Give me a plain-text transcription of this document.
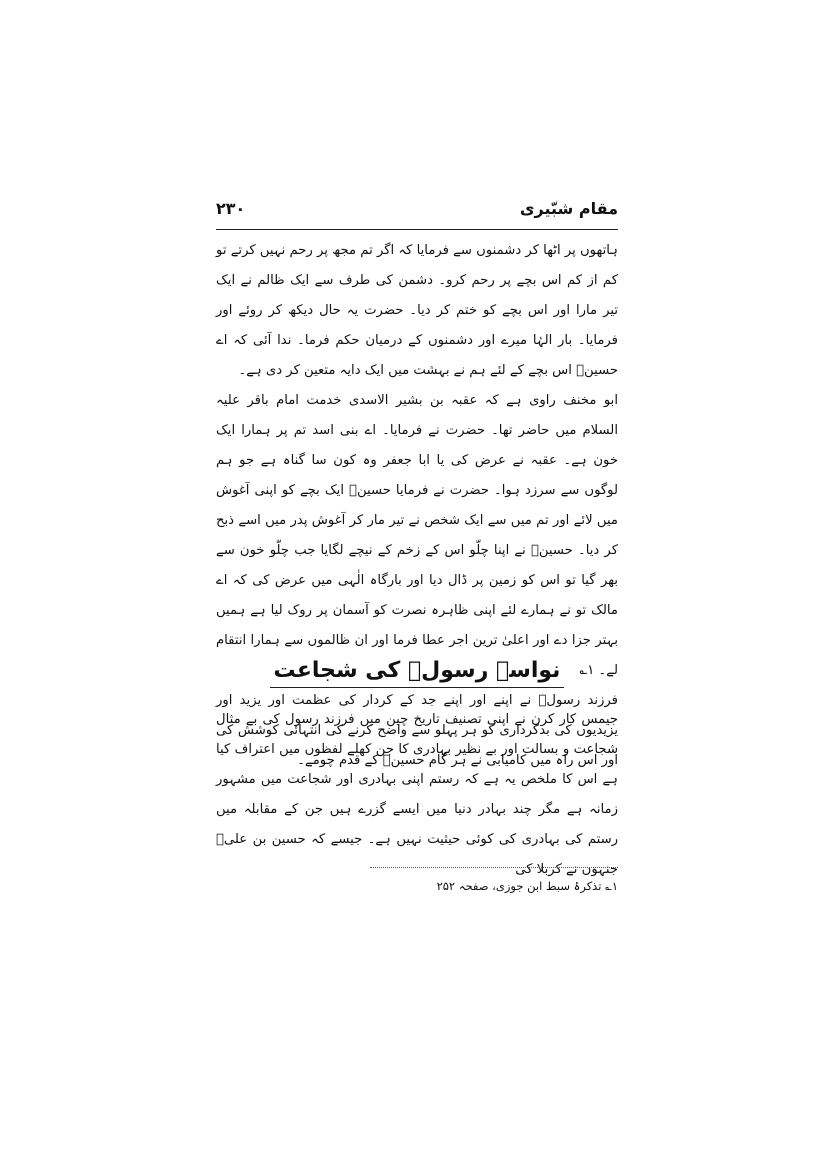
مقام شبّیری
۲۳۰

ہاتھوں پر اٹھا کر دشمنوں سے فرمایا کہ اگر تم مجھ پر رحم نہیں کرتے تو کم از کم اس بچے پر رحم کرو۔ دشمن کی طرف سے ایک ظالم نے ایک تیر مارا اور اس بچے کو ختم کر دیا۔ حضرت یہ حال دیکھ کر روئے اور فرمایا۔ بار الہٰا میرے اور دشمنوں کے درمیان حکم فرما۔ ندا آئی کہ اے حسینؑ اس بچے کے لئے ہم نے بہشت میں ایک دایہ متعین کر دی ہے۔

ابو مخنف راوی ہے کہ عقبہ بن بشیر الاسدی خدمت امام باقر علیہ السلام میں حاضر تھا۔ حضرت نے فرمایا۔ اے بنی اسد تم پر ہمارا ایک خون ہے۔ عقبہ نے عرض کی یا ابا جعفر وہ کون سا گناہ ہے جو ہم لوگوں سے سرزد ہوا۔ حضرت نے فرمایا حسینؑ ایک بچے کو اپنی آغوش میں لائے اور تم میں سے ایک شخص نے تیر مار کر آغوش پدر میں اسے ذبح کر دیا۔ حسینؑ نے اپنا چلّو اس کے زخم کے نیچے لگایا جب چلّو خون سے بھر گیا تو اس کو زمین پر ڈال دیا اور بارگاہ الٰہی میں عرض کی کہ اے مالک تو نے ہمارے لئے اپنی ظاہرہ نصرت کو آسمان پر روک لیا ہے ہمیں بہتر جزا دے اور اعلیٰ ترین اجر عطا فرما اور ان ظالموں سے ہمارا انتقام لے۔ ۱؎

فرزند رسولؐ نے اپنے اور اپنے جد کے کردار کی عظمت اور یزید اور یزیدیوں کی بدکرداری کو ہر پہلو سے واضح کرنے کی انتہائی کوشش کی اور اس راہ میں کامیابی نے ہر گام حسینؑ کے قدم چومے۔

نواسۂ رسولؐ کی شجاعت

جیمس کار کرن نے اپنی تصنیف تاریخ چین میں فرزند رسول کی بے مثال شجاعت و بسالت اور بے نظیر بہادری کا جن کھلے لفظوں میں اعتراف کیا ہے اس کا ملخص یہ ہے کہ رستم اپنی بہادری اور شجاعت میں مشہور زمانہ ہے مگر چند بہادر دنیا میں ایسے گزرے ہیں جن کے مقابلہ میں رستم کی بہادری کی کوئی حیثیت نہیں ہے۔ جیسے کہ حسین بن علیؑ جنہوں نے کربلا کی

۱؎ تذکرۂ سبط ابن جوزی، صفحہ ۲۵۲
